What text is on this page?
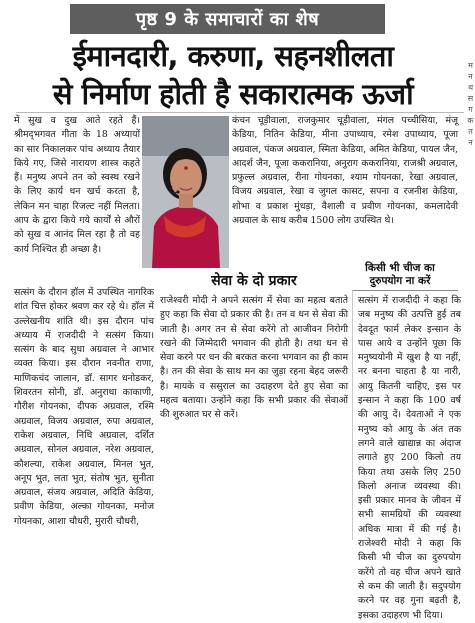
पृष्ठ 9 के समाचारों का शेष
ईमानदारी, करुणा, सहनशीलता
से निर्माण होती है सकारात्मक ऊर्जा

में सुख व दुख आते रहते हैं। श्रीमद्‌भगवत गीता के 18 अध्यायों का सार निकालकर पांच अध्याय तैयार किये गए, जिसे नारायण शास्त्र कहते हैं। मनुष्य अपने तन को स्वस्थ रखने के लिए कार्य धन खर्च करता है, लेकिन मन चाहा रिजल्ट नहीं मिलता। आप के द्वारा किये गये कार्यों से औरों को सुख व आनंद मिल रहा है तो वह कार्य निश्चित ही अच्छा है।

कंचन चूड़ीवाला, राजकुमार चूड़ीवाला, मंगल पच्चीसिया, मंजू केडिया, नितिन केडिया, मीना उपाध्याय, रमेश उपाध्याय, पूजा अग्रवाल, पंकज अग्रवाल, स्मिता केडिया, अमित केडिया, पायल जैन, आदर्श जैन, पूजा ककरानिया, अनुराग ककरानिया, राजश्री अग्रवाल, प्रफुल्ल अग्रवाल, रीना गोयनका, श्याम गोयनका, रेखा अग्रवाल, विजय अग्रवाल, रेखा व जुगल कासट, सपना व रजनीश केडिया, शोभा व प्रकाश मुंधड़ा, वैशाली व प्रवीण गोयनका, कमलादेवी अग्रवाल के साथ करीब 1500 लोग उपस्थित थे।

सत्संग के दौरान हॉल में उपस्थित नागरिक शांत चित्त होकर श्रवण कर रहे थे। हॉल में उल्लेखनीय शांति थी। इस दौरान पांच अध्याय में राजदीदी ने सत्संग किया। सत्संग के बाद सुधा अग्रवाल ने आभार व्यक्त किया। इस दौरान नवनीत राणा, माणिकचंद जालान, डॉ. सागर धनोडकर, शिवरतन सोनी, डॉ. अनुराधा काकाणी, गौरीश गोयनका, दीपक अग्रवाल, रश्मि अग्रवाल, विजय अग्रवाल, रुपा अग्रवाल, राकेश अग्रवाल, निधि अग्रवाल, दर्शित अग्रवाल, सोनल अग्रवाल, नरेश अग्रवाल, कौशल्या, राकेश अग्रवाल, मिनल भुत, अनूप भुत, लता भुत, संतोष भुत, सुनीता अग्रवाल, संजय अग्रवाल, अदिति केडिया, प्रवीण केडिया, अल्का गोयनका, मनोज गोयनका, आशा चौधरी, मुरारी चौधरी,

सेवा के दो प्रकार

राजेश्वरी मोदी ने अपने सत्संग में सेवा का महत्व बताते हुए कहा कि सेवा दो प्रकार की है। तन व धन से सेवा की जाती है। अगर तन से सेवा करेंगे तो आजीवन निरोगी रखने की जिम्मेदारी भगवान की होती है। तथा धन से सेवा करने पर धन की बरकत करना भगवान का ही काम है। तन की सेवा के साथ मन का जुड़ा रहना बेहद जरूरी है। मायके व ससुराल का उदाहरण देते हुए सेवा का महत्व बताया। उन्होंने कहा कि सभी प्रकार की सेवाओं की शुरुआत घर से करें।

किसी भी चीज का
दुरुपयोग ना करें

सत्संग में राजदीदी ने कहा कि जब मनुष्य की उत्पत्ति हुई तब देवदूत फार्म लेकर इन्सान के पास आये व उन्होंने पूछा कि मनुष्ययोनी में खुश है या नहीं, नर बनना चाहता है या नारी, आयु कितनी चाहिए, इस पर इन्सान ने कहा कि 100 वर्ष की आयु दें। देवताओं ने एक मनुष्य को आयु के अंत तक लगने वाले खाद्यान्न का अंदाज लगाते हुए 200 किलो तय किया तथा उसके लिए 250 किलो अनाज व्यवस्था की। इसी प्रकार मानव के जीवन में सभी सामग्रियों की व्यवस्था अधिक मात्रा में की गई है। राजेश्वरी मोदी ने कहा कि किसी भी चीज का दुरुपयोग करेंगे तो वह चीज अपने खाते से कम की जाती है। सदुपयोग करने पर वह गुना बढ़ती है, इसका उदाहरण भी दिया।

म न थ स ग क त न
